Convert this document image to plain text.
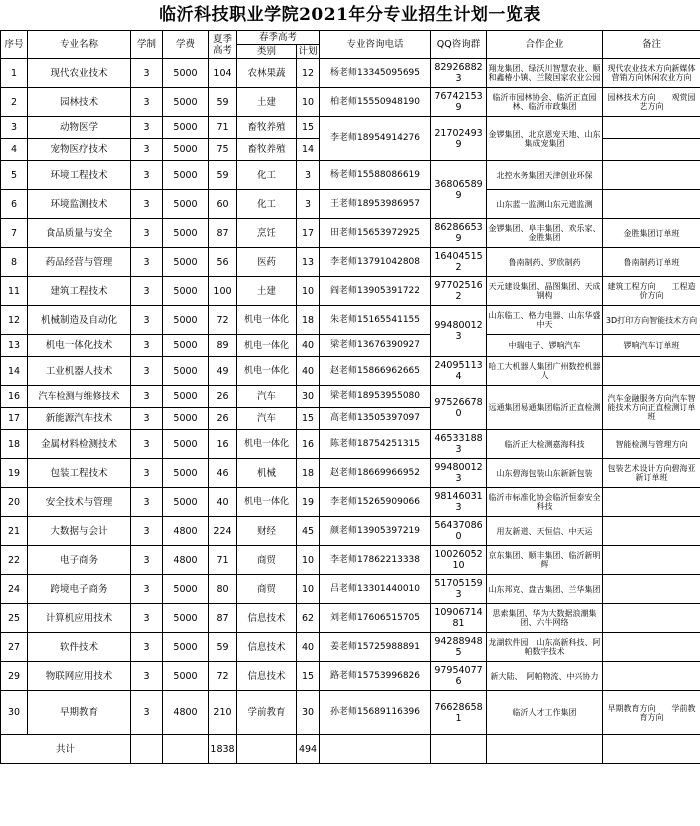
临沂科技职业学院2021年分专业招生计划一览表
序号	专业名称	学制	学费	夏季高考	春季高考		专业咨询电话	QQ咨询群	合作企业	备注
					类别	计划				
1	现代农业技术	3	5000	104	农林果蔬	12	杨老师13345095695	829268823	翔龙集团、绿沃川智慧农业、顺和鑫椿小镇、兰陵国家农业公园	现代农业技术方向新媒体营销方向休闲农业方向
2	园林技术	3	5000	59	土建	10	柏老师15550948190	767421539	临沂市园林协会、临沂正直园林、临沂市政集团	园林技术方向　　观赏园艺方向
3	动物医学	3	5000	71	畜牧养殖	15	李老师18954914276	217024939	金锣集团、北京恩宠天地、山东集成宠集团	
4	宠物医疗技术	3	5000	75	畜牧养殖	14				
5	环境工程技术	3	5000	59	化工	3	杨老师15588086619	368065899	北控水务集团天津创业环保	
6	环境监测技术	3	5000	60	化工	3	王老师18953986957		山东蓝一监测山东元道监测	
7	食品质量与安全	3	5000	87	烹饪	17	田老师15653972925	862866539	金锣集团、阜丰集团、欢乐家、金胜集团	金胜集团订单班
8	药品经营与管理	3	5000	56	医药	13	李老师13791042808	164045152	鲁南制药、罗欣制药	鲁南制药订单班
11	建筑工程技术	3	5000	100	土建	10	阎老师13905391722	977025162	天元建设集团、晶图集团、天成钢构	建筑工程方向　　工程造价方向
12	机械制造及自动化	3	5000	72	机电一体化	18	朱老师15165541155	994800123	山东临工、格力电器、山东华盛中天	3D打印方向智能技术方向
13	机电一体化技术	3	5000	89	机电一体化	40	梁老师13676390927		中瑞电子、锣响汽车	锣响汽车订单班
14	工业机器人技术	3	5000	49	机电一体化	40	赵老师15866962665	240951134	哈工大机器人集团广州数控机器人	
16	汽车检测与维修技术	3	5000	26	汽车	30	梁老师18953955080	975266780	远通集团易通集团临沂正直检测	汽车金融服务方向汽车智能技术方向正直检测订单班
17	新能源汽车技术	3	5000	26	汽车	15	高老师13505397097			
18	金属材料检测技术	3	5000	16	机电一体化	16	陈老师18754251315	465331883	临沂正大检测嘉海科技	智能检测与管理方向
19	包装工程技术	3	5000	46	机械	18	赵老师18669966952	994800123	山东碧海包装山东新新包装	包装艺术设计方向碧海亚新订单班
20	安全技术与管理	3	5000	40	机电一体化	19	李老师15265909066	981460313	临沂市标准化协会临沂恒泰安全科技	
21	大数据与会计	3	4800	224	财经	45	颜老师13905397219	564370860	用友新道、天恒信、中天运	
22	电子商务	3	4800	71	商贸	10	李老师17862213338	1002605210	京东集团、顺丰集团、临沂新明辉	
24	跨境电子商务	3	5000	80	商贸	10	吕老师13301440010	517051593	山东邦克、盘古集团、兰华集团	
25	计算机应用技术	3	5000	87	信息技术	62	刘老师17606515705	1090671481	思索集团、华为大数据浪潮集团、六牛网络	
27	软件技术	3	5000	59	信息技术	40	姜老师15725988891	942889485	龙湖软件园　山东高新科技、阿帕数字技术	
29	物联网应用技术	3	5000	72	信息技术	15	路老师15753996826	979540776	新大陆、　阿帕物流、中兴协力	
30	早期教育	3	4800	210	学前教育	30	孙老师15689116396	766286581	临沂人才工作集团	早期教育方向　　学前教育方向
共计				1838		494				
